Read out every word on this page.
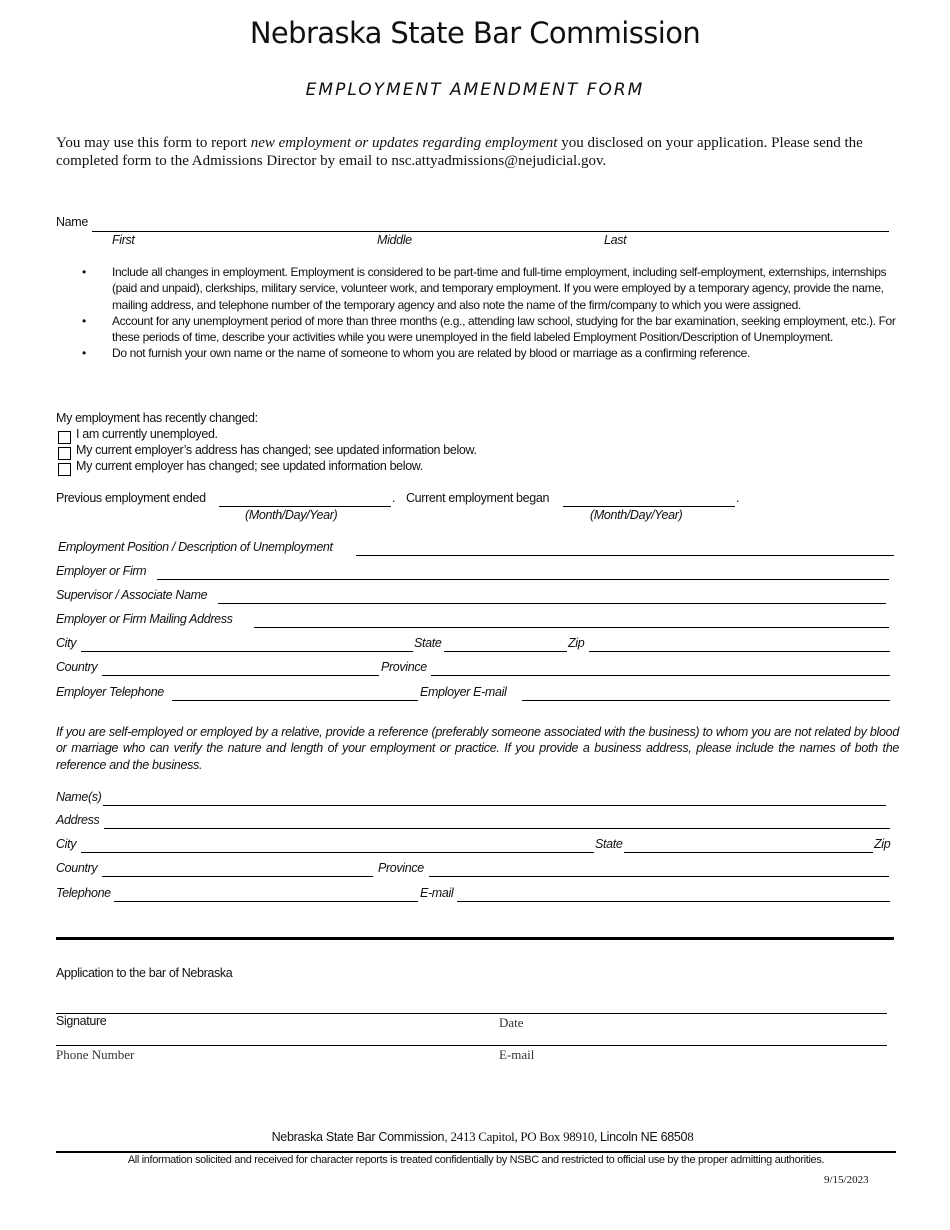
Nebraska State Bar Commission
EMPLOYMENT AMENDMENT FORM
You may use this form to report new employment or updates regarding employment you disclosed on your application. Please send the completed form to the Admissions Director by email to nsc.attyadmissions@nejudicial.gov.
Name
First	Middle	Last
• Include all changes in employment. Employment is considered to be part-time and full-time employment, including self-employment, externships, internships (paid and unpaid), clerkships, military service, volunteer work, and temporary employment. If you were employed by a temporary agency, provide the name, mailing address, and telephone number of the temporary agency and also note the name of the firm/company to which you were assigned.
• Account for any unemployment period of more than three months (e.g., attending law school, studying for the bar examination, seeking employment, etc.). For these periods of time, describe your activities while you were unemployed in the field labeled Employment Position/Description of Unemployment.
• Do not furnish your own name or the name of someone to whom you are related by blood or marriage as a confirming reference.
My employment has recently changed:
I am currently unemployed.
My current employer’s address has changed; see updated information below.
My current employer has changed; see updated information below.
Previous employment ended	. Current employment began	.
(Month/Day/Year)	(Month/Day/Year)
Employment Position / Description of Unemployment
Employer or Firm
Supervisor / Associate Name
Employer or Firm Mailing Address
City	State	Zip
Country	Province
Employer Telephone	Employer E-mail
If you are self-employed or employed by a relative, provide a reference (preferably someone associated with the business) to whom you are not related by blood or marriage who can verify the nature and length of your employment or practice. If you provide a business address, please include the names of both the reference and the business.
Name(s)
Address
City	State	Zip
Country	Province
Telephone	E-mail
Application to the bar of Nebraska
Signature	Date
Phone Number	E-mail
Nebraska State Bar Commission, 2413 Capitol, PO Box 98910, Lincoln NE 68508
All information solicited and received for character reports is treated confidentially by NSBC and restricted to official use by the proper admitting authorities.
9/15/2023
